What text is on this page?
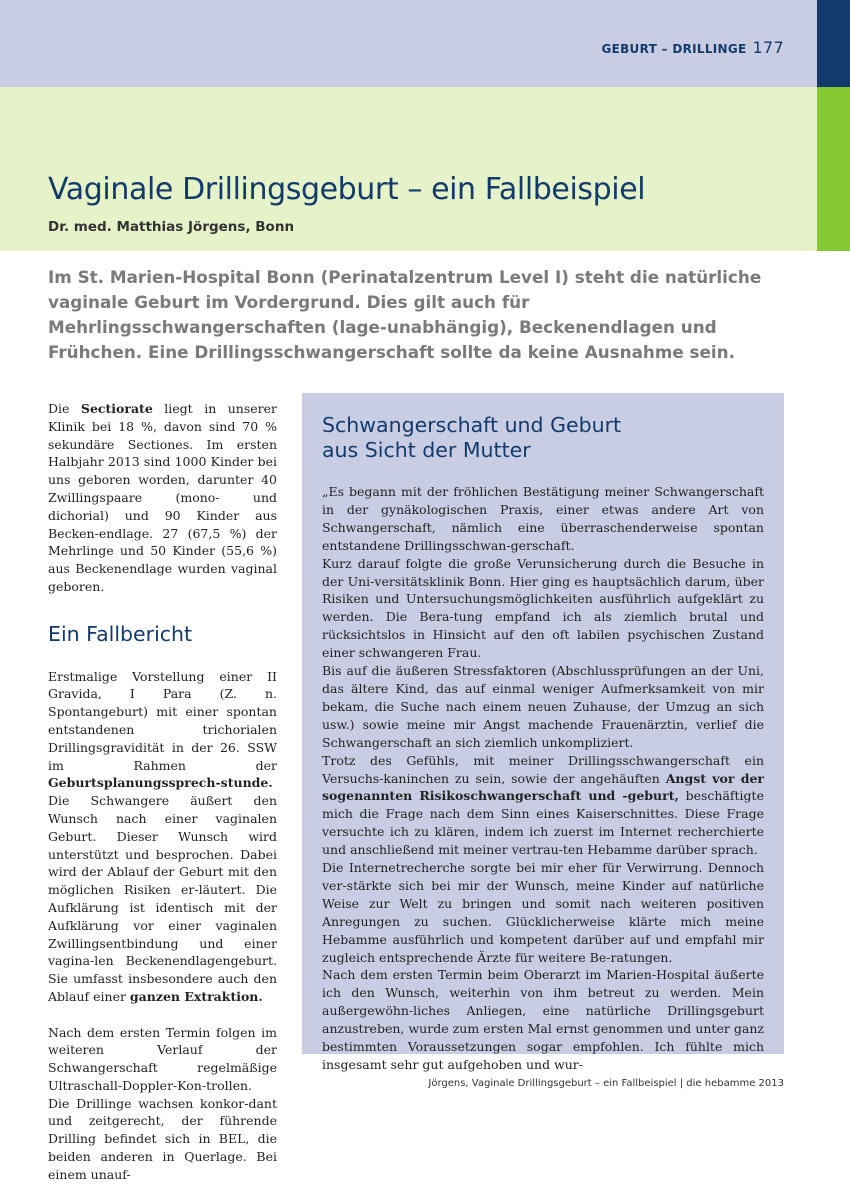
GEBURT – DRILLINGE 177
Vaginale Drillingsgeburt – ein Fallbeispiel
Dr. med. Matthias Jörgens, Bonn

Im St. Marien-Hospital Bonn (Perinatalzentrum Level I) steht die natürliche vaginale Geburt im Vordergrund. Dies gilt auch für Mehrlingsschwangerschaften (lage-unabhängig), Beckenendlagen und Frühchen. Eine Drillingsschwangerschaft sollte da keine Ausnahme sein.

Die Sectiorate liegt in unserer Klinik bei 18 %, davon sind 70 % sekundäre Sectiones. Im ersten Halbjahr 2013 sind 1000 Kinder bei uns geboren worden, darunter 40 Zwillingspaare (mono- und dichorial) und 90 Kinder aus Becken-endlage. 27 (67,5 %) der Mehrlinge und 50 Kinder (55,6 %) aus Beckenendlage wurden vaginal geboren.

Ein Fallbericht

Erstmalige Vorstellung einer II Gravida, I Para (Z. n. Spontangeburt) mit einer spontan entstandenen trichorialen Drillingsgravidität in der 26. SSW im Rahmen der Geburtsplanungssprech-stunde. Die Schwangere äußert den Wunsch nach einer vaginalen Geburt. Dieser Wunsch wird unterstützt und besprochen. Dabei wird der Ablauf der Geburt mit den möglichen Risiken er-läutert. Die Aufklärung ist identisch mit der Aufklärung vor einer vaginalen Zwillingsentbindung und einer vagina-len Beckenendlagengeburt. Sie umfasst insbesondere auch den Ablauf einer ganzen Extraktion.

Nach dem ersten Termin folgen im weiteren Verlauf der Schwangerschaft regelmäßige Ultraschall-Doppler-Kon-trollen. Die Drillinge wachsen konkor-dant und zeitgerecht, der führende Drilling befindet sich in BEL, die beiden anderen in Querlage. Bei einem unauf-

Schwangerschaft und Geburt
aus Sicht der Mutter

„Es begann mit der fröhlichen Bestätigung meiner Schwangerschaft in der gynäkologischen Praxis, einer etwas andere Art von Schwangerschaft, nämlich eine überraschenderweise spontan entstandene Drillingsschwan-gerschaft.

Kurz darauf folgte die große Verunsicherung durch die Besuche in der Uni-versitätsklinik Bonn. Hier ging es hauptsächlich darum, über Risiken und Untersuchungsmöglichkeiten ausführlich aufgeklärt zu werden. Die Bera-tung empfand ich als ziemlich brutal und rücksichtslos in Hinsicht auf den oft labilen psychischen Zustand einer schwangeren Frau.

Bis auf die äußeren Stressfaktoren (Abschlussprüfungen an der Uni, das ältere Kind, das auf einmal weniger Aufmerksamkeit von mir bekam, die Suche nach einem neuen Zuhause, der Umzug an sich usw.) sowie meine mir Angst machende Frauenärztin, verlief die Schwangerschaft an sich ziemlich unkompliziert.

Trotz des Gefühls, mit meiner Drillingsschwangerschaft ein Versuchs-kaninchen zu sein, sowie der angehäuften Angst vor der sogenannten Risikoschwangerschaft und -geburt, beschäftigte mich die Frage nach dem Sinn eines Kaiserschnittes. Diese Frage versuchte ich zu klären, indem ich zuerst im Internet recherchierte und anschließend mit meiner vertrau-ten Hebamme darüber sprach.

Die Internetrecherche sorgte bei mir eher für Verwirrung. Dennoch ver-stärkte sich bei mir der Wunsch, meine Kinder auf natürliche Weise zur Welt zu bringen und somit nach weiteren positiven Anregungen zu suchen. Glücklicherweise klärte mich meine Hebamme ausführlich und kompetent darüber auf und empfahl mir zugleich entsprechende Ärzte für weitere Be-ratungen.

Nach dem ersten Termin beim Oberarzt im Marien-Hospital äußerte ich den Wunsch, weiterhin von ihm betreut zu werden. Mein außergewöhn-liches Anliegen, eine natürliche Drillingsgeburt anzustreben, wurde zum ersten Mal ernst genommen und unter ganz bestimmten Voraussetzungen sogar empfohlen. Ich fühlte mich insgesamt sehr gut aufgehoben und wur-

Jörgens, Vaginale Drillingsgeburt – ein Fallbeispiel | die hebamme 2013
